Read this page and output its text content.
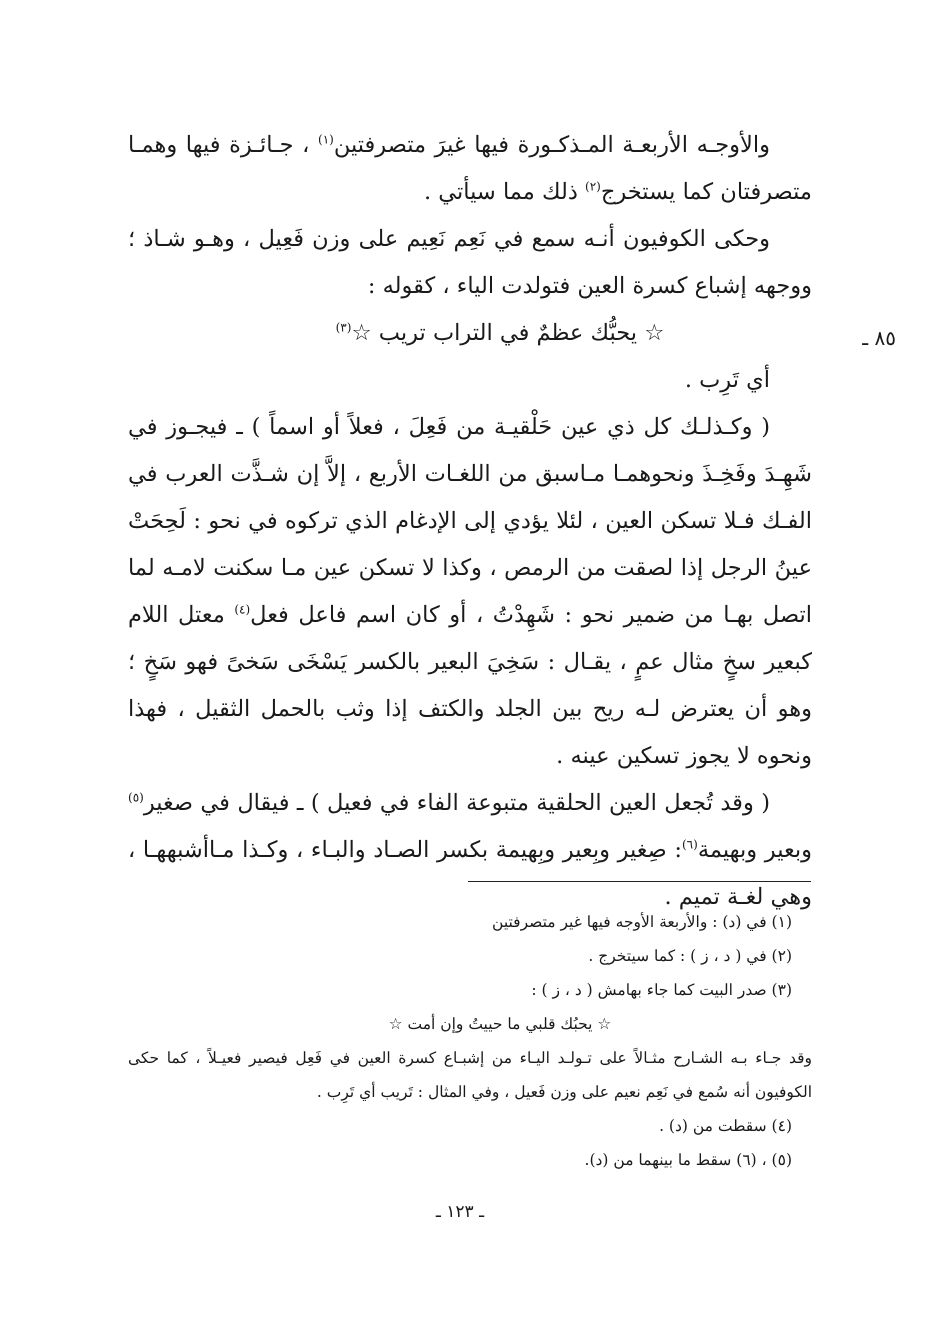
٨٥ ـ

والأوجـه الأربعـة المـذكـورة فيها غيرَ متصرفتين$^{(١)}$ ، جـائـزة فيها وهمـا متصرفتان كما يستخرج$^{(٢)}$ ذلك مما سيأتي .

وحكى الكوفيون أنـه سمع في نَعِم نَعِيم على وزن فَعِيل ، وهـو شـاذ ؛ ووجهه إشباع كسرة العين فتولدت الياء ، كقوله :

☆ يحبُّك عظمٌ في التراب تريب ☆$^{(٣)}$

أي تَرِب .

( وكـذلـك كل ذي عين حَلْقيـة من فَعِلَ ، فعلاً أو اسماً ) ـ فيجـوز في شَهِـدَ وفَخِـذَ ونحوهمـا مـاسبق من اللغـات الأربع ، إلاَّ إن شـذَّت العرب في الفـك فـلا تسكن العين ، لئلا يؤدي إلى الإدغام الذي تركوه في نحو : لَحِحَتْ عينُ الرجل إذا لصقت من الرمص ، وكذا لا تسكن عين مـا سكنت لامـه لما اتصل بهـا من ضمير نحو : شَهِدْتُ ، أو كان اسم فاعل فعل$^{(٤)}$ معتل اللام كبعير سخٍ مثال عمٍ ، يقـال : سَخِيَ البعير بالكسر يَسْخَى سَخىً فهو سَخٍ ؛ وهو أن يعترض لـه ريح بين الجلد والكتف إذا وثب بالحمل الثقيل ، فهذا ونحوه لا يجوز تسكين عينه .

( وقد تُجعل العين الحلقية متبوعة الفاء في فعيل ) ـ فيقال في صغير$^{(٥)}$ وبعير وبهيمة$^{(٦)}$: صِغير وبِعير وبِهيمة بكسر الصـاد والبـاء ، وكـذا مـاأشبههـا ، وهي لغـة تميم .

(١) في (د) : والأربعة الأوجه فيها غير متصرفتين

(٢) في ( د ، ز ) : كما سيتخرج .

(٣) صدر البيت كما جاء بهامش ( د ، ز ) :

☆ يحبُك قلبي ما حييتُ وإن أمت ☆

وقد جـاء بـه الشـارح مثـالاً على تـولـد اليـاء من إشبـاع كسرة العين في فَعِل فيصير فعيـلاً ، كما حكى الكوفيون أنه سُمع في نَعِم نعيم على وزن فَعيل ، وفي المثال : تَريب أي تَرِب .

(٤) سقطت من (د) .

(٥) ، (٦) سقط ما بينهما من (د).

ـ ١٢٣ ـ
